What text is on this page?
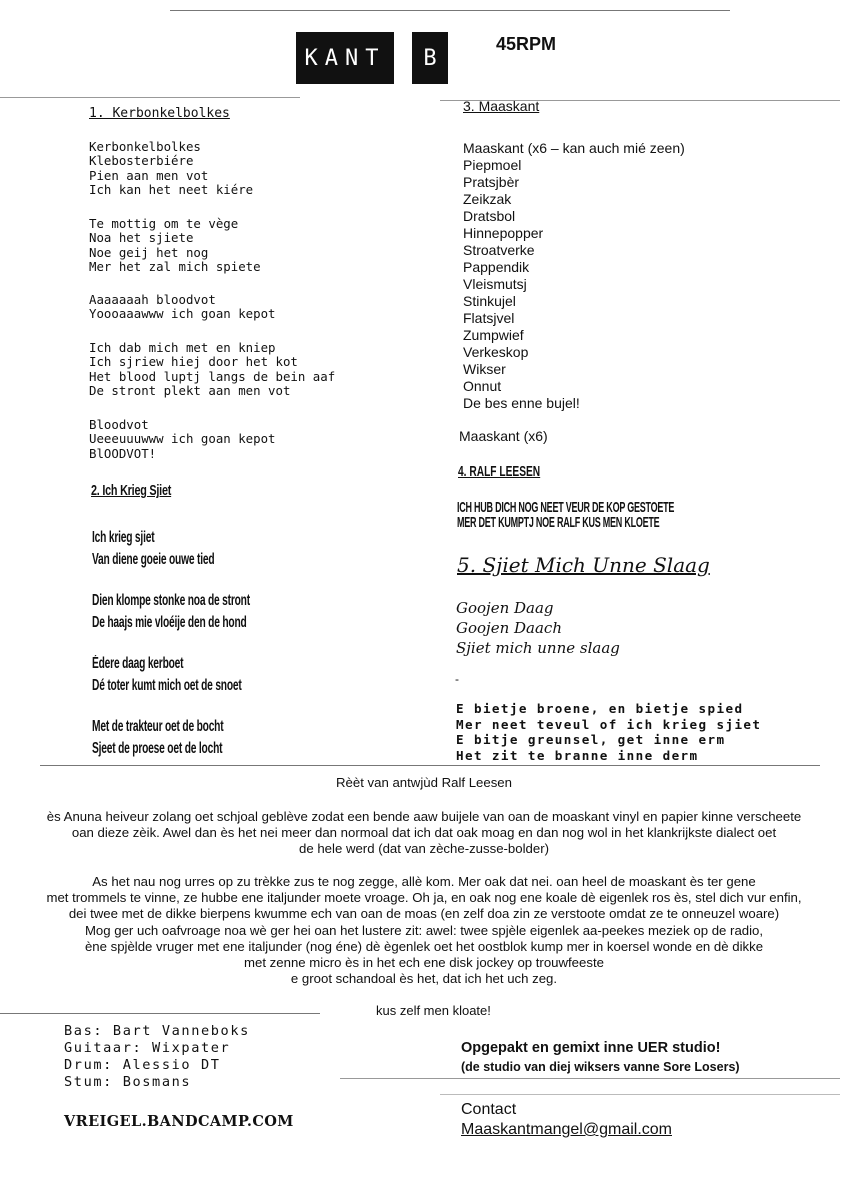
KANT B
45RPM
1. Kerbonkelbolkes
Kerbonkelbolkes
Klebosterbiére
Pien aan men vot
Ich kan het neet kiére
Te mottig om te vège
Noa het sjiete
Noe geij het nog
Mer het zal mich spiete
Aaaaaaah bloodvot
Yoooaaawww ich goan kepot
Ich dab mich met en kniep
Ich sjriew hiej door het kot
Het blood luptj langs de bein aaf
De stront plekt aan men vot
Bloodvot
Ueeeuuuwww ich goan kepot
BlOODVOT!
2. Ich Krieg Sjiet
Ich krieg sjiet
Van diene goeie ouwe tied
Dien klompe stonke noa de stront
De haajs mie vloéije den de hond
Édere daag kerboet
Dé toter kumt mich oet de snoet
Met de trakteur oet de bocht
Sjeet de proese oet de locht
3. Maaskant
Maaskant (x6 – kan auch mié zeen)
Piepmoel
Pratsjbèr
Zeikzak
Dratsbol
Hinnepopper
Stroatverke
Pappendik
Vleismutsj
Stinkujel
Flatsjvel
Zumpwief
Verkeskop
Wikser
Onnut
De bes enne bujel!
Maaskant (x6)
4. RALF LEESEN
ICH HUB DICH NOG NEET VEUR DE KOP GESTOETE
MER DET KUMPTJ NOE RALF KUS MEN KLOETE
5. Sjiet Mich Unne Slaag
Goojen Daag
Goojen Daach
Sjiet mich unne slaag
-
E bietje broene, en bietje spied
Mer neet teveul of ich krieg sjiet
E bitje greunsel, get inne erm
Het zit te branne inne derm
Rèèt van antwjùd Ralf Leesen
ès Anuna heiveur zolang oet schjoal geblève zodat een bende aaw buijele van oan de moaskant vinyl en papier kinne verscheete
oan dieze zèik. Awel dan ès het nei meer dan normoal dat ich dat oak moag en dan nog wol in het klankrijkste dialect oet
de hele werd (dat van zèche-zusse-bolder)
As het nau nog urres op zu trèkke zus te nog zegge, allè kom. Mer oak dat nei. oan heel de moaskant ès ter gene
met trommels te vinne, ze hubbe ene italjunder moete vroage. Oh ja, en oak nog ene koale dè eigenlek ros ès, stel dich vur enfin,
dei twee met de dikke bierpens kwumme ech van oan de moas (en zelf doa zin ze verstoote omdat ze te onneuzel woare)
Mog ger uch oafvroage noa wè ger hei oan het lustere zit: awel: twee spjèle eigenlek aa-peekes meziek op de radio,
ène spjèlde vruger met ene italjunder (nog éne) dè ègenlek oet het oostblok kump mer in koersel wonde en dè dikke
met zenne micro ès in het ech ene disk jockey op trouwfeeste
e groot schandoal ès het, dat ich het uch zeg.
kus zelf men kloate!
Bas: Bart Vanneboks
Guitaar: Wixpater
Drum: Alessio DT
Stum: Bosmans
VREIGEL.BANDCAMP.COM
Opgepakt en gemixt inne UER studio!
(de studio van diej wiksers vanne Sore Losers)
Contact
Maaskantmangel@gmail.com
